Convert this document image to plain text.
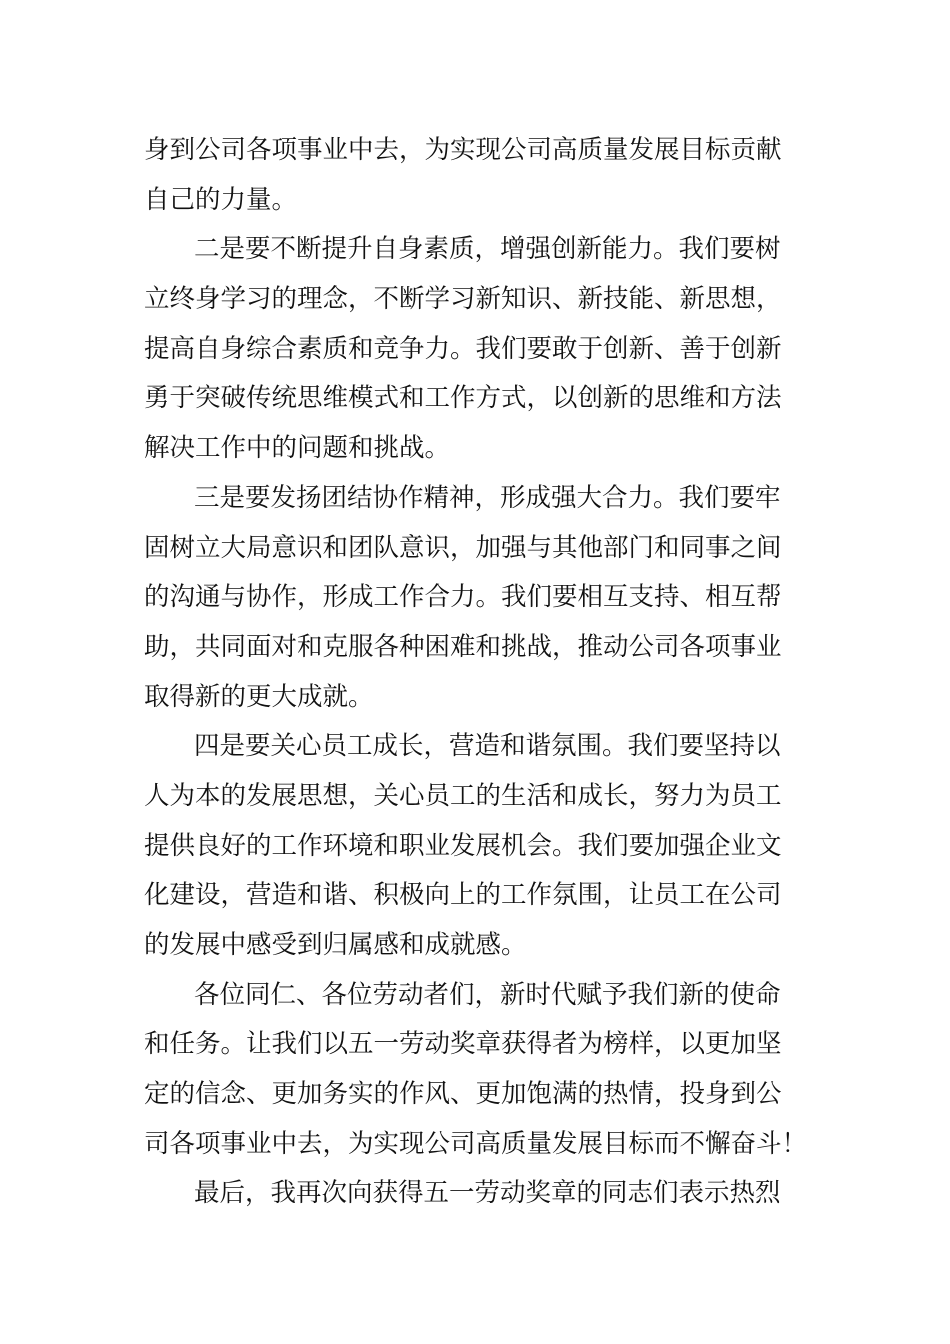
身到公司各项事业中去，为实现公司高质量发展目标贡献
自己的力量。
二是要不断提升自身素质，增强创新能力。我们要树
立终身学习的理念，不断学习新知识、新技能、新思想，
提高自身综合素质和竞争力。我们要敢于创新、善于创新
勇于突破传统思维模式和工作方式，以创新的思维和方法
解决工作中的问题和挑战。
三是要发扬团结协作精神，形成强大合力。我们要牢
固树立大局意识和团队意识，加强与其他部门和同事之间
的沟通与协作，形成工作合力。我们要相互支持、相互帮
助，共同面对和克服各种困难和挑战，推动公司各项事业
取得新的更大成就。
四是要关心员工成长，营造和谐氛围。我们要坚持以
人为本的发展思想，关心员工的生活和成长，努力为员工
提供良好的工作环境和职业发展机会。我们要加强企业文
化建设，营造和谐、积极向上的工作氛围，让员工在公司
的发展中感受到归属感和成就感。
各位同仁、各位劳动者们，新时代赋予我们新的使命
和任务。让我们以五一劳动奖章获得者为榜样，以更加坚
定的信念、更加务实的作风、更加饱满的热情，投身到公
司各项事业中去，为实现公司高质量发展目标而不懈奋斗！
最后，我再次向获得五一劳动奖章的同志们表示热烈
